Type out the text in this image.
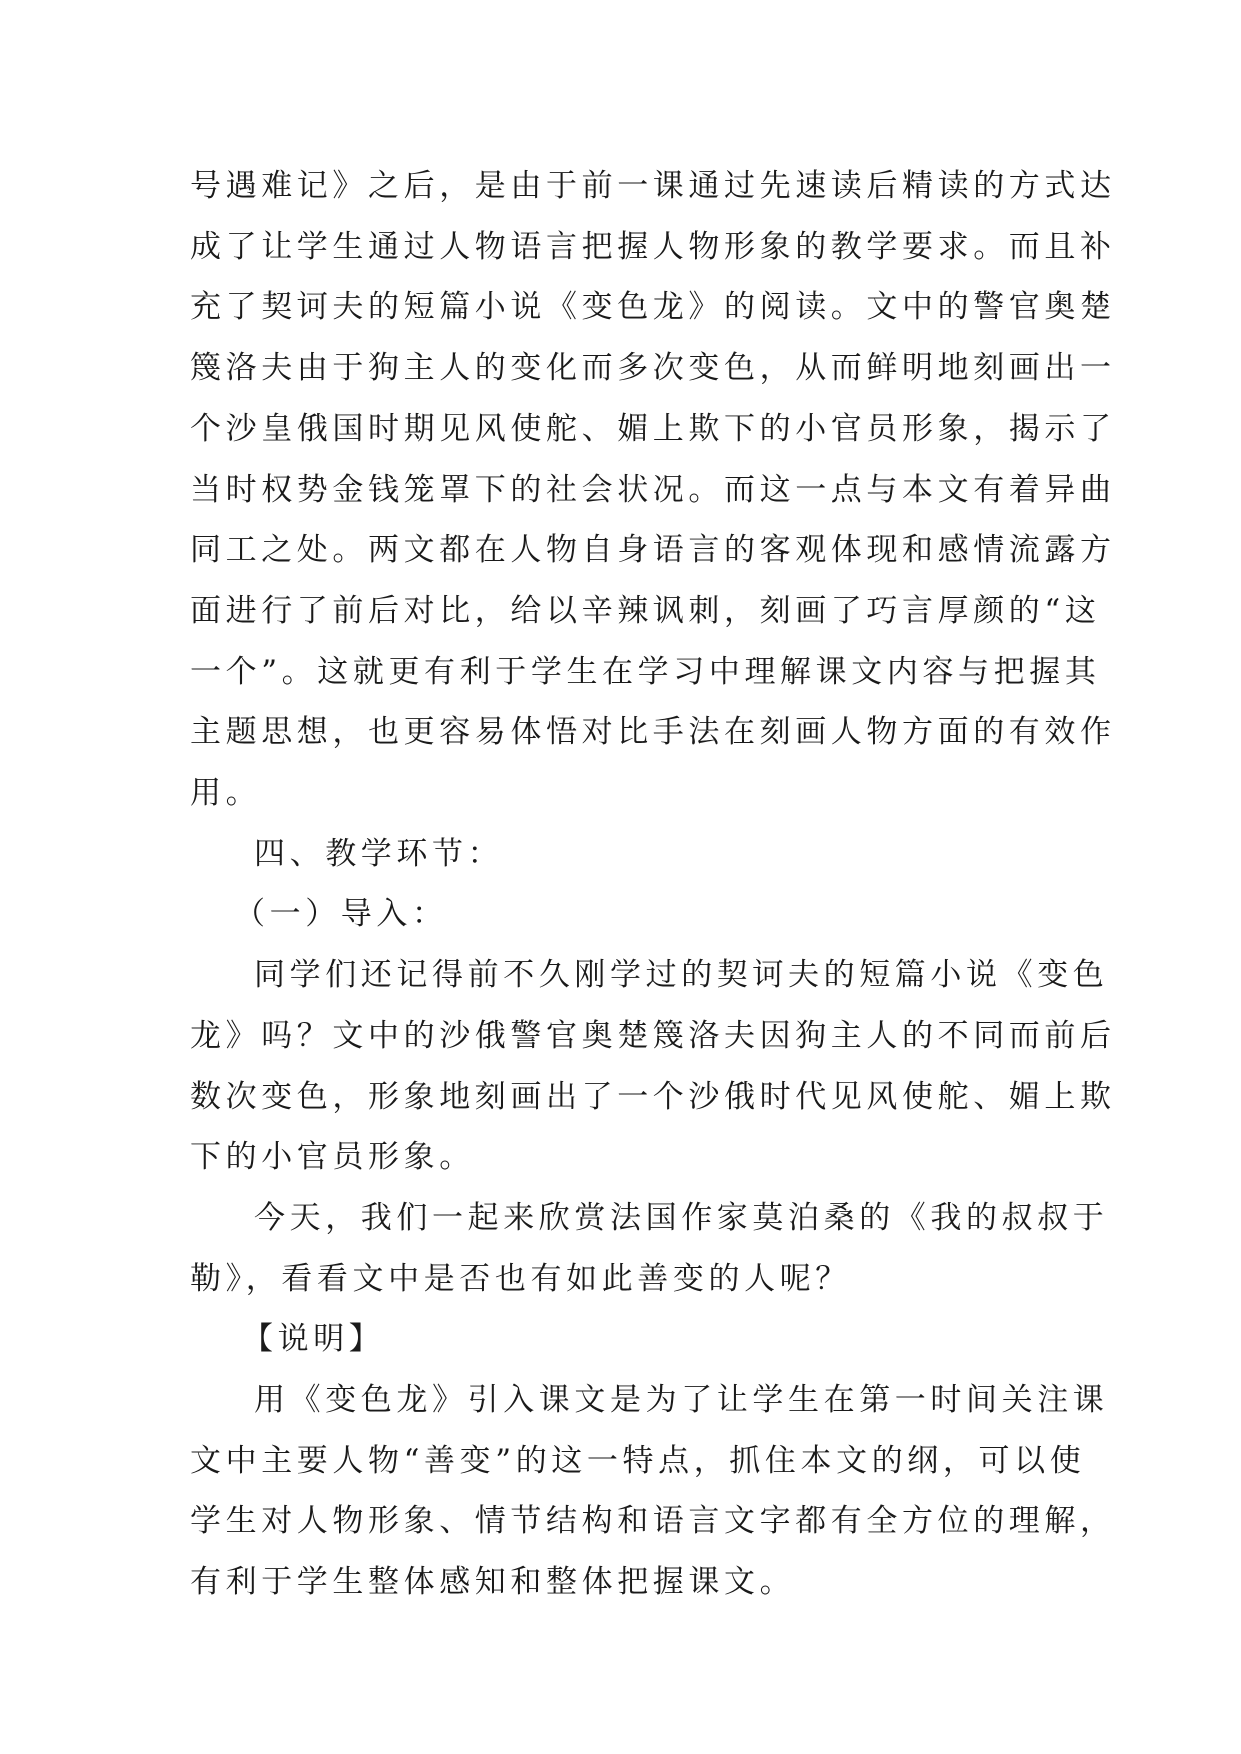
号遇难记》之后，是由于前一课通过先速读后精读的方式达
成了让学生通过人物语言把握人物形象的教学要求。而且补
充了契诃夫的短篇小说《变色龙》的阅读。文中的警官奥楚
篾洛夫由于狗主人的变化而多次变色，从而鲜明地刻画出一
个沙皇俄国时期见风使舵、媚上欺下的小官员形象，揭示了
当时权势金钱笼罩下的社会状况。而这一点与本文有着异曲
同工之处。两文都在人物自身语言的客观体现和感情流露方
面进行了前后对比，给以辛辣讽刺，刻画了巧言厚颜的“这
一个”。这就更有利于学生在学习中理解课文内容与把握其
主题思想，也更容易体悟对比手法在刻画人物方面的有效作
用。

四、教学环节：

（一）导入：

同学们还记得前不久刚学过的契诃夫的短篇小说《变色
龙》吗？文中的沙俄警官奥楚篾洛夫因狗主人的不同而前后
数次变色，形象地刻画出了一个沙俄时代见风使舵、媚上欺
下的小官员形象。

今天，我们一起来欣赏法国作家莫泊桑的《我的叔叔于
勒》，看看文中是否也有如此善变的人呢？

【说明】

用《变色龙》引入课文是为了让学生在第一时间关注课
文中主要人物“善变”的这一特点，抓住本文的纲，可以使
学生对人物形象、情节结构和语言文字都有全方位的理解，
有利于学生整体感知和整体把握课文。
